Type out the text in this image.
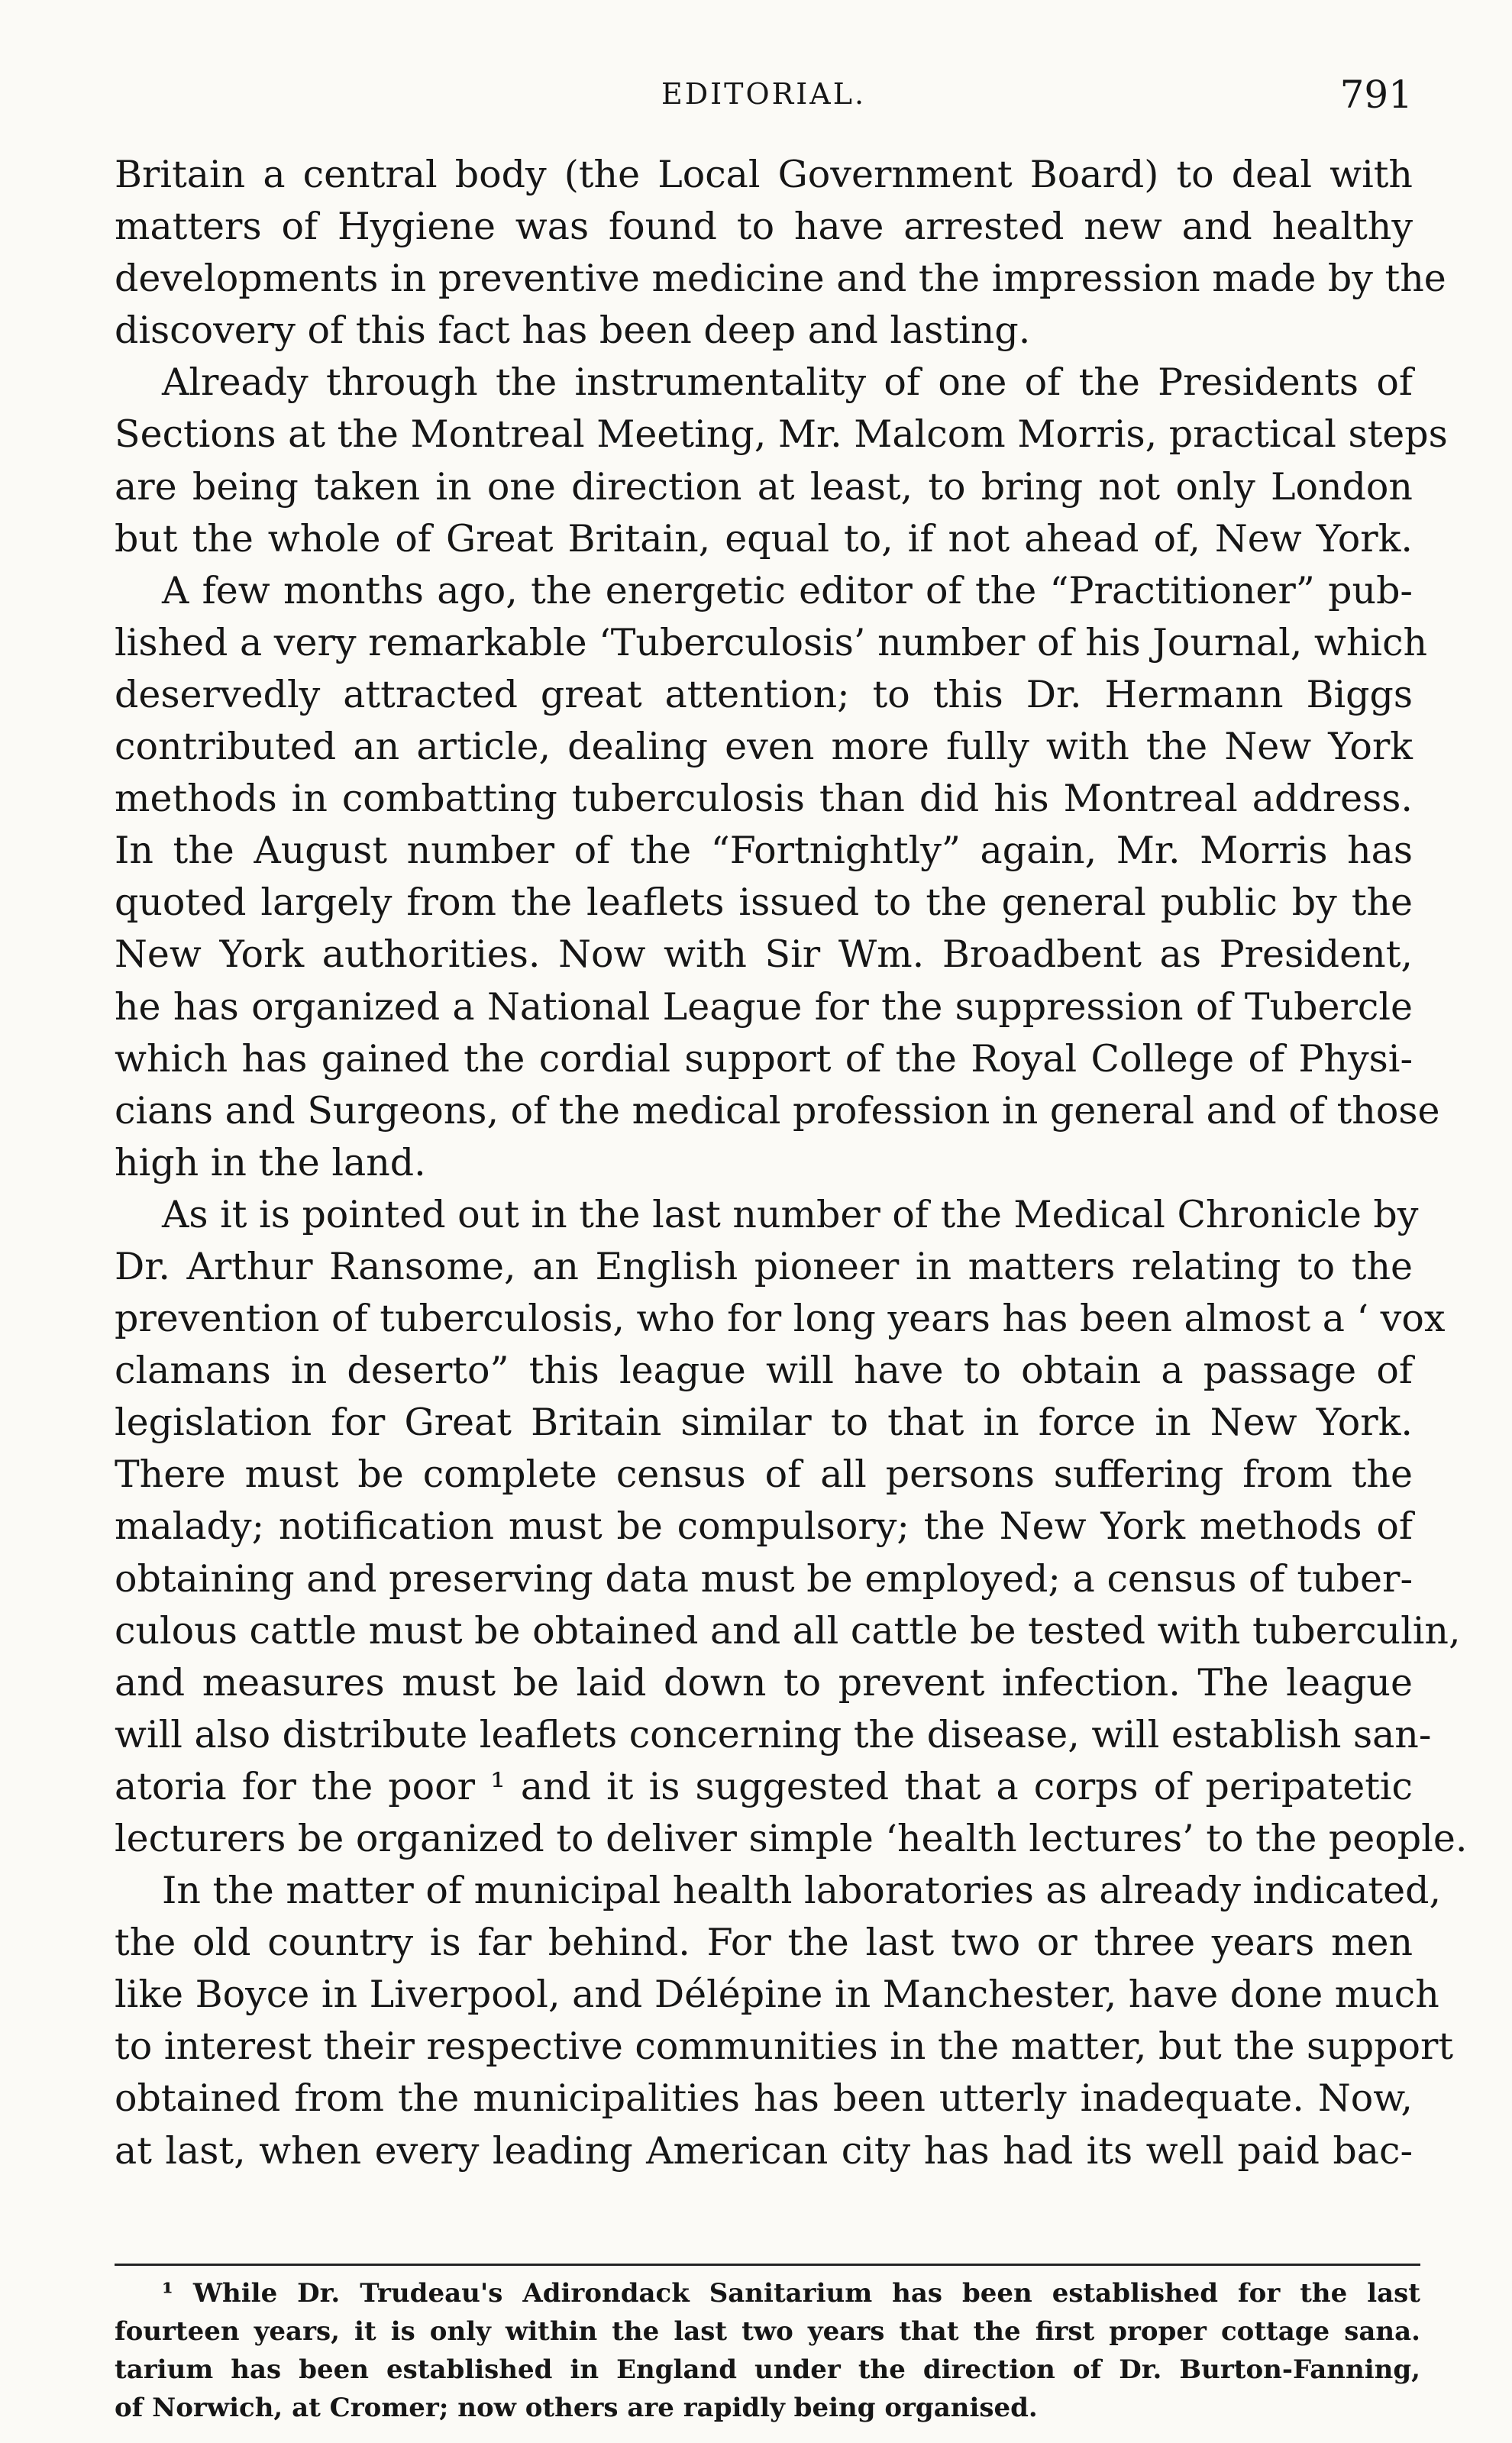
EDITORIAL.	791
Britain a central body (the Local Government Board) to deal with
matters of Hygiene was found to have arrested new and healthy
developments in preventive medicine and the impression made by the
discovery of this fact has been deep and lasting.
Already through the instrumentality of one of the Presidents of
Sections at the Montreal Meeting, Mr. Malcom Morris, practical steps
are being taken in one direction at least, to bring not only London
but the whole of Great Britain, equal to, if not ahead of, New York.
A few months ago, the energetic editor of the “Practitioner” pub-
lished a very remarkable ‘Tuberculosis’ number of his Journal, which
deservedly attracted great attention; to this Dr. Hermann Biggs
contributed an article, dealing even more fully with the New York
methods in combatting tuberculosis than did his Montreal address.
In the August number of the “Fortnightly” again, Mr. Morris has
quoted largely from the leaflets issued to the general public by the
New York authorities. Now with Sir Wm. Broadbent as President,
he has organized a National League for the suppression of Tubercle
which has gained the cordial support of the Royal College of Physi-
cians and Surgeons, of the medical profession in general and of those
high in the land.
As it is pointed out in the last number of the Medical Chronicle by
Dr. Arthur Ransome, an English pioneer in matters relating to the
prevention of tuberculosis, who for long years has been almost a ‘ vox
clamans in deserto” this league will have to obtain a passage of
legislation for Great Britain similar to that in force in New York.
There must be complete census of all persons suffering from the
malady; notification must be compulsory; the New York methods of
obtaining and preserving data must be employed; a census of tuber-
culous cattle must be obtained and all cattle be tested with tuberculin,
and measures must be laid down to prevent infection. The league
will also distribute leaflets concerning the disease, will establish san-
atoria for the poor ¹ and it is suggested that a corps of peripatetic
lecturers be organized to deliver simple ‘health lectures’ to the people.
In the matter of municipal health laboratories as already indicated,
the old country is far behind. For the last two or three years men
like Boyce in Liverpool, and Délépine in Manchester, have done much
to interest their respective communities in the matter, but the support
obtained from the municipalities has been utterly inadequate. Now,
at last, when every leading American city has had its well paid bac-
¹ While Dr. Trudeau's Adirondack Sanitarium has been established for the last
fourteen years, it is only within the last two years that the first proper cottage sana.
tarium has been established in England under the direction of Dr. Burton-Fanning,
of Norwich, at Cromer; now others are rapidly being organised.
